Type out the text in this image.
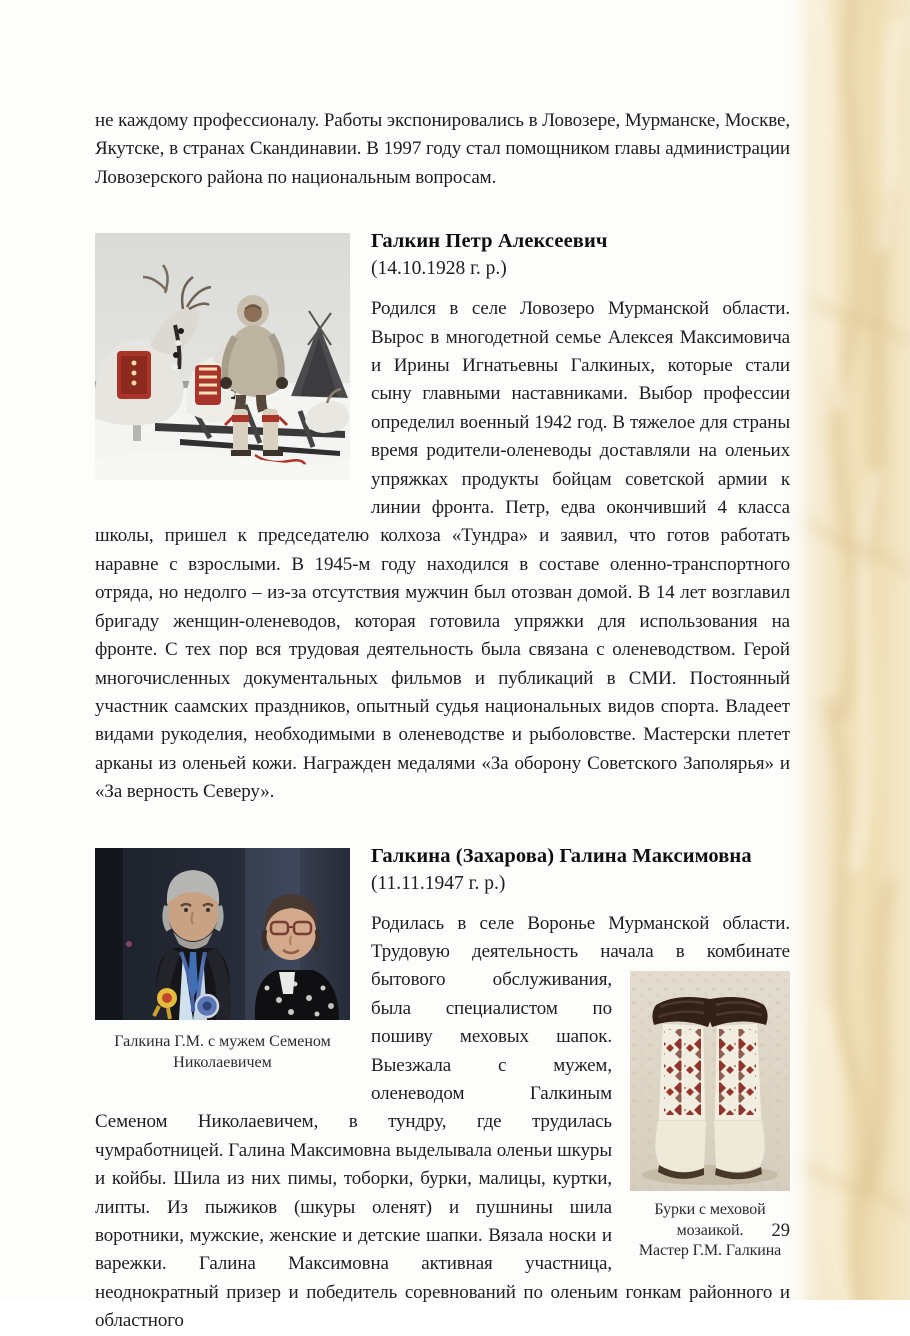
не каждому профессионалу. Работы экспонировались в Ловозере, Мурманске, Москве, Якутске, в странах Скандинавии. В 1997 году стал помощником главы администрации Ловозерского района по национальным вопросам.

Галкин Петр Алексеевич
(14.10.1928 г. р.)
Родился в селе Ловозеро Мурманской области. Вырос в многодетной семье Алексея Максимовича и Ирины Игнатьевны Галкиных, которые стали сыну главными наставниками. Выбор профессии определил военный 1942 год. В тяжелое для страны время родители-оленеводы доставляли на оленьих упряжках продукты бойцам советской армии к линии фронта. Петр, едва окончивший 4 класса школы, пришел к председателю колхоза «Тундра» и заявил, что готов работать наравне с взрослыми. В 1945-м году находился в составе оленно-транспортного отряда, но недолго – из-за отсутствия мужчин был отозван домой. В 14 лет возглавил бригаду женщин-оленеводов, которая готовила упряжки для использования на фронте. С тех пор вся трудовая деятельность была связана с оленеводством. Герой многочисленных документальных фильмов и публикаций в СМИ. Постоянный участник саамских праздников, опытный судья национальных видов спорта. Владеет видами рукоделия, необходимыми в оленеводстве и рыболовстве. Мастерски плетет арканы из оленьей кожи. Награжден медалями «За оборону Советского Заполярья» и «За верность Северу».
Галкина Г.М. с мужем Семеном Николаевичем
Галкина (Захарова) Галина Максимовна
(11.11.1947 г. р.)
Родилась в селе Воронье Мурманской области. Трудовую деятельность начала в комбинате
Бурки с меховой мозаикой.
Мастер Г.М. Галкина
бытового обслуживания, была специалистом по пошиву меховых шапок. Выезжала с мужем, оленеводом Галкиным Семеном Николаевичем, в тундру, где трудилась чумработницей. Галина Максимовна выделывала оленьи шкуры и койбы. Шила из них пимы, тоборки, бурки, малицы, куртки, липты. Из пыжиков (шкуры оленят) и пушнины шила воротники, мужские, женские и детские шапки. Вязала носки и варежки. Галина Максимовна активная участница, неоднократный призер и победитель соревнований по оленьим гонкам районного и областного
29
